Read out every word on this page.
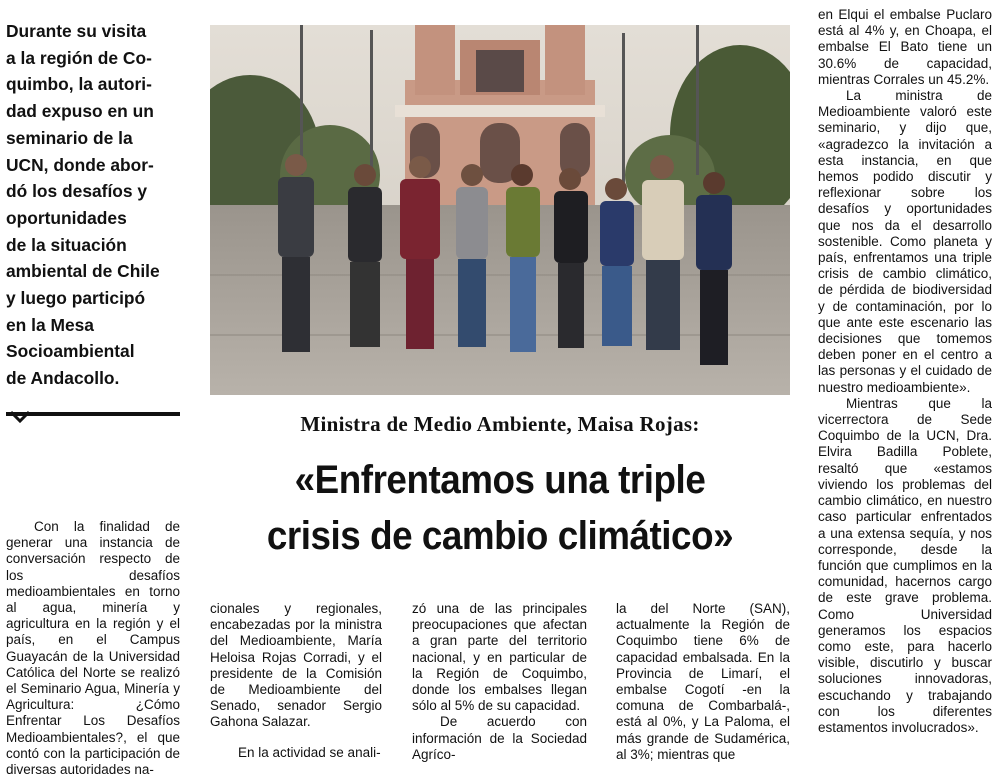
Durante su visita
a la región de Co-
quimbo, la autori-
dad expuso en un
seminario de la
UCN, donde abor-
dó los desafíos y
oportunidades
de la situación
ambiental de Chile
y luego participó
en la Mesa
Socioambiental
de Andacollo.
Ministra de Medio Ambiente, Maisa Rojas:
«Enfrentamos una triple
crisis de cambio climático»

Con la finalidad de generar una instancia de conversación respecto de los desafíos medioambientales en torno al agua, minería y agricultura en la región y el país, en el Campus Guayacán de la Universidad Católica del Norte se realizó el Seminario Agua, Minería y Agricultura: ¿Cómo Enfrentar Los Desafíos Medioambientales?, el que contó con la participación de diversas autoridades na-

cionales y regionales, encabezadas por la ministra del Medioambiente, María Heloisa Rojas Corradi, y el presidente de la Comisión de Medioambiente del Senado, senador Sergio Gahona Salazar.

En la actividad se anali-

zó una de las principales preocupaciones que afectan a gran parte del territorio nacional, y en particular de la Región de Coquimbo, donde los embalses llegan sólo al 5% de su capacidad.

De acuerdo con información de la Sociedad Agríco-

la del Norte (SAN), actualmente la Región de Coquimbo tiene 6% de capacidad embalsada. En la Provincia de Limarí, el embalse Cogotí -en la comuna de Combarbalá-, está al 0%, y La Paloma, el más grande de Sudamérica, al 3%; mientras que

en Elqui el embalse Puclaro está al 4% y, en Choapa, el embalse El Bato tiene un 30.6% de capacidad, mientras Corrales un 45.2%.

La ministra de Medioambiente valoró este seminario, y dijo que, «agradezco la invitación a esta instancia, en que hemos podido discutir y reflexionar sobre los desafíos y oportunidades que nos da el desarrollo sostenible. Como planeta y país, enfrentamos una triple crisis de cambio climático, de pérdida de biodiversidad y de contaminación, por lo que ante este escenario las decisiones que tomemos deben poner en el centro a las personas y el cuidado de nuestro medioambiente».

Mientras que la vicerrectora de Sede Coquimbo de la UCN, Dra. Elvira Badilla Poblete, resaltó que «estamos viviendo los problemas del cambio climático, en nuestro caso particular enfrentados a una extensa sequía, y nos corresponde, desde la función que cumplimos en la comunidad, hacernos cargo de este grave problema. Como Universidad generamos los espacios como este, para hacerlo visible, discutirlo y buscar soluciones innovadoras, escuchando y trabajando con los diferentes estamentos involucrados».
